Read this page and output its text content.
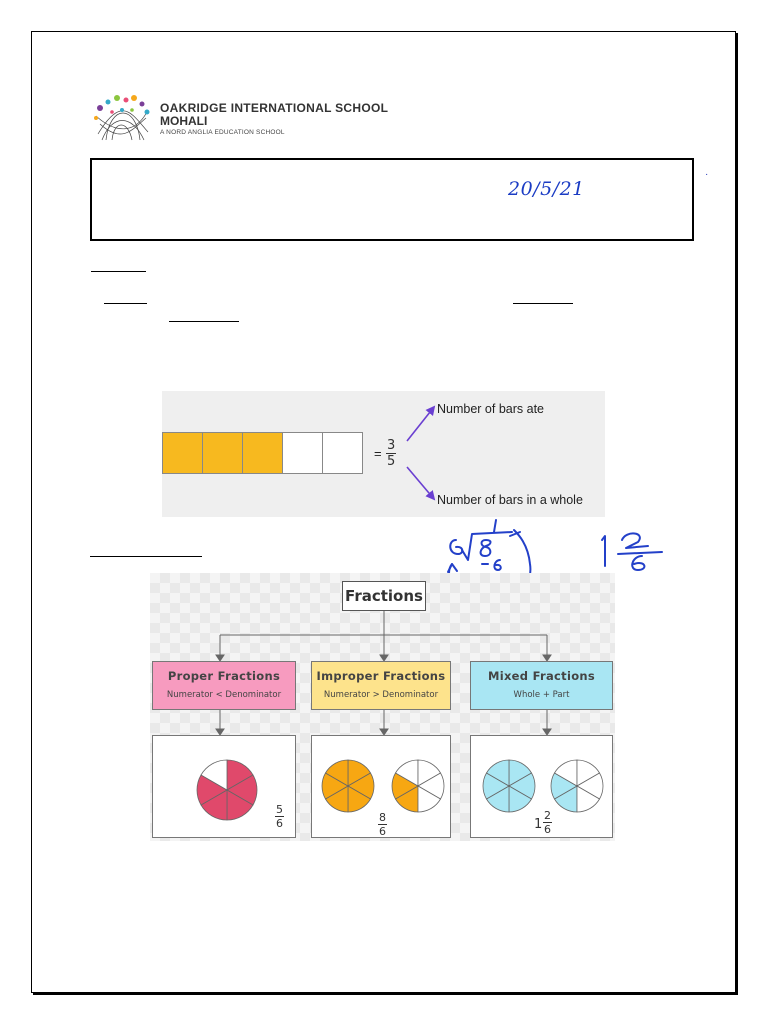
OAKRIDGE INTERNATIONAL SCHOOL
MOHALI
A NORD ANGLIA EDUCATION SCHOOL
20/5/21
·
= $\frac{3}{5}$
Number of bars ate
Number of bars in a whole
Fractions
Proper Fractions
Numerator < Denominator
Improper Fractions
Numerator > Denominator
Mixed Fractions
Whole + Part
$\frac{5}{6}$	$\frac{8}{6}$	$1 \frac{2}{6}$
